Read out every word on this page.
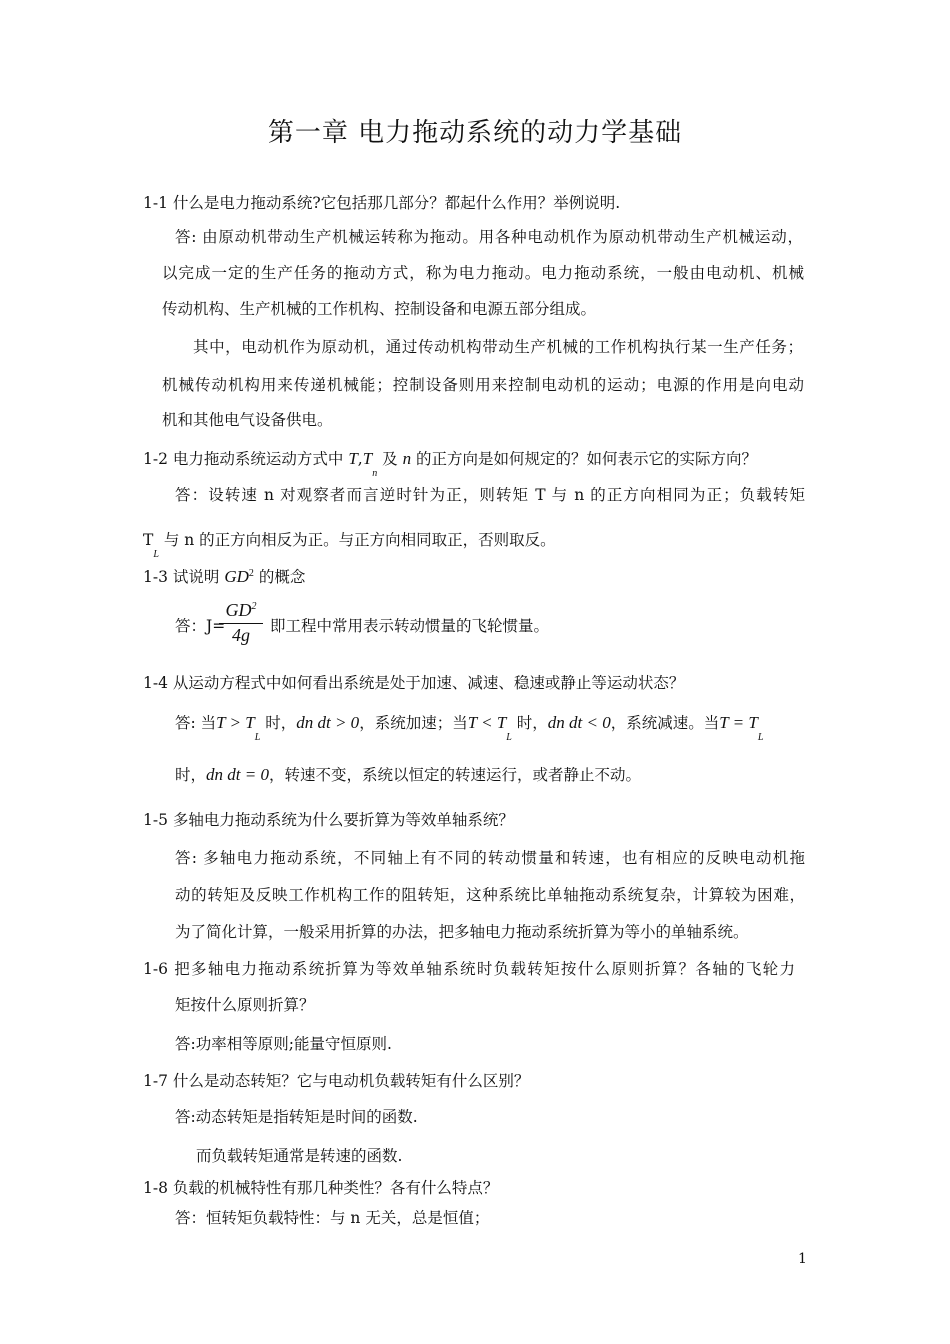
第一章 电力拖动系统的动力学基础
1-1 什么是电力拖动系统?它包括那几部分？都起什么作用？举例说明.
答: 由原动机带动生产机械运转称为拖动。用各种电动机作为原动机带动生产机械运动，
以完成一定的生产任务的拖动方式，称为电力拖动。电力拖动系统，一般由电动机、机械
传动机构、生产机械的工作机构、控制设备和电源五部分组成。
其中，电动机作为原动机，通过传动机构带动生产机械的工作机构执行某一生产任务；
机械传动机构用来传递机械能；控制设备则用来控制电动机的运动；电源的作用是向电动
机和其他电气设备供电。
1-2 电力拖动系统运动方式中 $T,T_n$ 及 n 的正方向是如何规定的？如何表示它的实际方向？
答：设转速 n 对观察者而言逆时针为正，则转矩 T 与 n 的正方向相同为正；负载转矩
$T_L$ 与 n 的正方向相反为正。与正方向相同取正，否则取反。
1-3 试说明 $GD^2$ 的概念
答：J=
$GD^2$
4g	即工程中常用表示转动惯量的飞轮惯量。
1-4 从运动方程式中如何看出系统是处于加速、减速、稳速或静止等运动状态？
答: 当$T > T_L$ 时，dn dt > 0，系统加速；当$T < T_L$ 时，dn dt < 0，系统减速。当$T = T_L$
时，dn dt = 0，转速不变，系统以恒定的转速运行，或者静止不动。
1-5 多轴电力拖动系统为什么要折算为等效单轴系统？
答: 多轴电力拖动系统，不同轴上有不同的转动惯量和转速，也有相应的反映电动机拖
动的转矩及反映工作机构工作的阻转矩，这种系统比单轴拖动系统复杂，计算较为困难，
为了简化计算，一般采用折算的办法，把多轴电力拖动系统折算为等小的单轴系统。
1-6 把多轴电力拖动系统折算为等效单轴系统时负载转矩按什么原则折算？各轴的飞轮力
矩按什么原则折算？
答:功率相等原则;能量守恒原则.
1-7 什么是动态转矩？它与电动机负载转矩有什么区别？
答:动态转矩是指转矩是时间的函数.
而负载转矩通常是转速的函数.
1-8 负载的机械特性有那几种类性？各有什么特点？
答：恒转矩负载特性：与 n 无关，总是恒值；
1
